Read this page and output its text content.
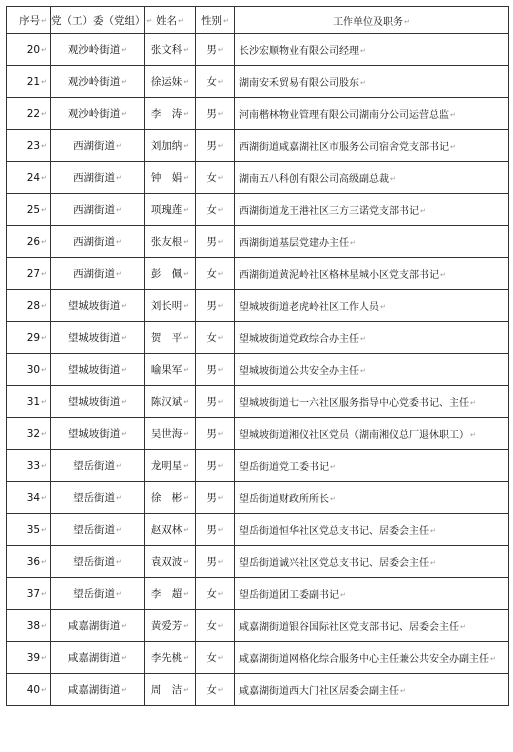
序号↵	党（工）委（党组）↵	姓名↵	性别↵	工作单位及职务↵
20↵	观沙岭街道↵	张文科↵	男↵	长沙宏顺物业有限公司经理↵
21↵	观沙岭街道↵	徐运妹↵	女↵	湖南安禾贸易有限公司股东↵
22↵	观沙岭街道↵	李　涛↵	男↵	河南楷林物业管理有限公司湖南分公司运营总监↵
23↵	西湖街道↵	刘加纳↵	男↵	西湖街道咸嘉湖社区市服务公司宿舍党支部书记↵
24↵	西湖街道↵	钟　娟↵	女↵	湖南五八科创有限公司高级副总裁↵
25↵	西湖街道↵	项瑰莲↵	女↵	西湖街道龙王港社区三方三诺党支部书记↵
26↵	西湖街道↵	张友根↵	男↵	西湖街道基层党建办主任↵
27↵	西湖街道↵	彭　佩↵	女↵	西湖街道黄泥岭社区格林星城小区党支部书记↵
28↵	望城坡街道↵	刘长明↵	男↵	望城坡街道老虎岭社区工作人员↵
29↵	望城坡街道↵	贺　平↵	女↵	望城坡街道党政综合办主任↵
30↵	望城坡街道↵	喻果军↵	男↵	望城坡街道公共安全办主任↵
31↵	望城坡街道↵	陈汉斌↵	男↵	望城坡街道七一六社区服务指导中心党委书记、主任↵
32↵	望城坡街道↵	吴世海↵	男↵	望城坡街道湘仪社区党员（湖南湘仪总厂退休职工）↵
33↵	望岳街道↵	龙明星↵	男↵	望岳街道党工委书记↵
34↵	望岳街道↵	徐　彬↵	男↵	望岳街道财政所所长↵
35↵	望岳街道↵	赵双林↵	男↵	望岳街道恒华社区党总支书记、居委会主任↵
36↵	望岳街道↵	袁双波↵	男↵	望岳街道诚兴社区党总支书记、居委会主任↵
37↵	望岳街道↵	李　超↵	女↵	望岳街道团工委副书记↵
38↵	咸嘉湖街道↵	黄爱芳↵	女↵	咸嘉湖街道银谷国际社区党支部书记、居委会主任↵
39↵	咸嘉湖街道↵	李先桃↵	女↵	咸嘉湖街道网格化综合服务中心主任兼公共安全办副主任↵
40↵	咸嘉湖街道↵	周　洁↵	女↵	咸嘉湖街道西大门社区居委会副主任↵
